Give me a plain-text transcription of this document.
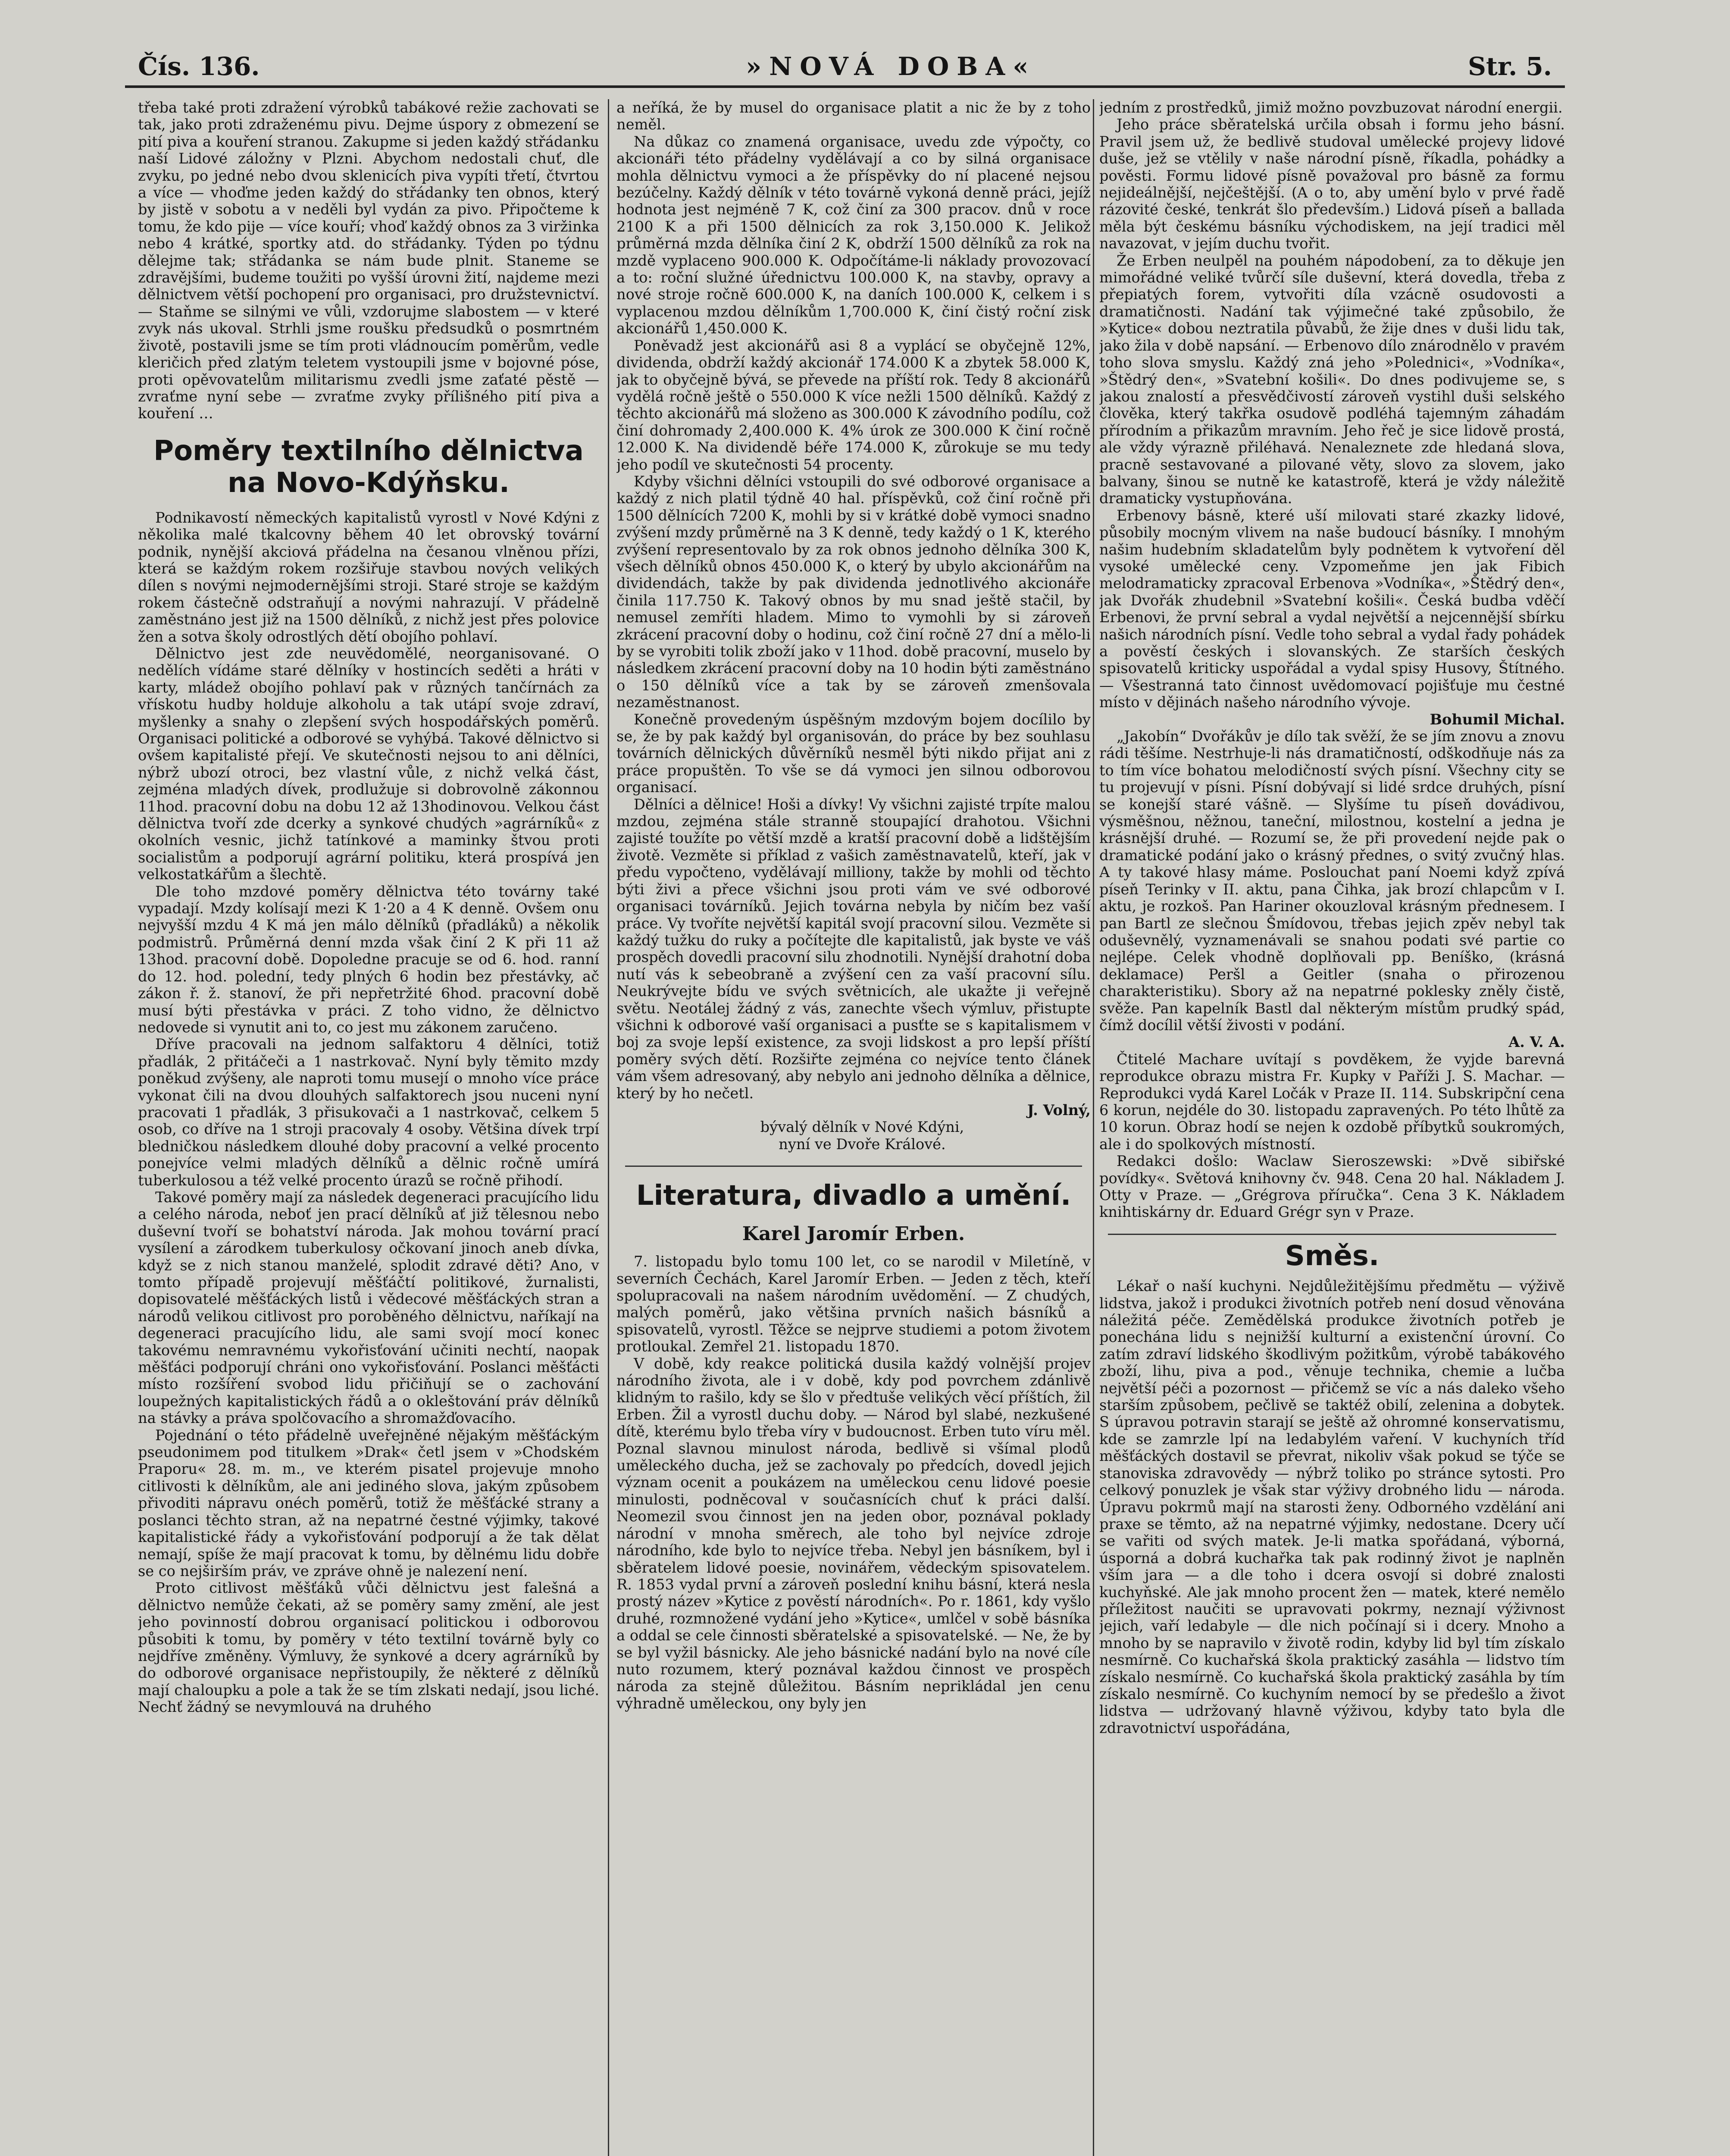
Čís. 136.	»NOVÁ DOBA«	Str. 5.

třeba také proti zdražení výrobků tabákové režie zachovati se tak, jako proti zdraženému pivu. Dejme úspory z obmezení se pití piva a kouření stranou. Zakupme si jeden každý střádanku naší Lidové záložny v Plzni. Abychom nedostali chuť, dle zvyku, po jedné nebo dvou sklenicích piva vypíti třetí, čtvrtou a více — vhoďme jeden každý do střádanky ten obnos, který by jistě v sobotu a v neděli byl vydán za pivo. Připočteme k tomu, že kdo pije — více kouří; vhoď každý obnos za 3 viržinka nebo 4 krátké, sportky atd. do střádanky. Týden po týdnu dělejme tak; střádanka se nám bude plnit. Staneme se zdravějšími, budeme toužiti po vyšší úrovni žití, najdeme mezi dělnictvem větší pochopení pro organisaci, pro družstevnictví. — Staňme se silnými ve vůli, vzdorujme slabostem — v které zvyk nás ukoval. Strhli jsme roušku předsudků o posmrtném životě, postavili jsme se tím proti vládnoucím poměrům, vedle kleričich před zlatým teletem vystoupili jsme v bojovné póse, proti opěvovatelům militarismu zvedli jsme zaťaté pěstě — zvraťme nyní sebe — zvraťme zvyky přílišného pití piva a kouření …

Poměry textilního dělnictva na Novo-Kdýňsku.

Podnikavostí německých kapitalistů vyrostl v Nové Kdýni z několika malé tkalcovny během 40 let obrovský tovární podnik, nynější akciová přádelna na česanou vlněnou přízi, která se každým rokem rozšiřuje stavbou nových velikých dílen s novými nejmodernějšími stroji. Staré stroje se každým rokem částečně odstraňují a novými nahrazují. V přádelně zaměstnáno jest již na 1500 dělníků, z nichž jest přes polovice žen a sotva školy odrostlých dětí obojího pohlaví.

Dělnictvo jest zde neuvědomělé, neorganisované. O nedělích vídáme staré dělníky v hostincích seděti a hráti v karty, mládež obojího pohlaví pak v různých tančírnách za vřískotu hudby holduje alkoholu a tak utápí svoje zdraví, myšlenky a snahy o zlepšení svých hospodářských poměrů. Organisaci politické a odborové se vyhýbá. Takové dělnictvo si ovšem kapitalisté přejí. Ve skutečnosti nejsou to ani dělníci, nýbrž ubozí otroci, bez vlastní vůle, z nichž velká část, zejména mladých dívek, prodlužuje si dobrovolně zákonnou 11hod. pracovní dobu na dobu 12 až 13hodinovou. Velkou část dělnictva tvoří zde dcerky a synkové chudých »agrárníků« z okolních vesnic, jichž tatínkové a maminky štvou proti socialistům a podporují agrární politiku, která prospívá jen velkostatkářům a šlechtě.

Dle toho mzdové poměry dělnictva této továrny také vypadají. Mzdy kolísají mezi K 1·20 a 4 K denně. Ovšem onu nejvyšší mzdu 4 K má jen málo dělníků (přadláků) a několik podmistrů. Průměrná denní mzda však činí 2 K při 11 až 13hod. pracovní době. Dopoledne pracuje se od 6. hod. ranní do 12. hod. polední, tedy plných 6 hodin bez přestávky, ač zákon ř. ž. stanoví, že při nepřetržité 6hod. pracovní době musí býti přestávka v práci. Z toho vidno, že dělnictvo nedovede si vynutit ani to, co jest mu zákonem zaručeno.

Dříve pracovali na jednom salfaktoru 4 dělníci, totiž přadlák, 2 přitáčeči a 1 nastrkovač. Nyní byly těmito mzdy poněkud zvýšeny, ale naproti tomu musejí o mnoho více práce vykonat čili na dvou dlouhých salfaktorech jsou nuceni nyní pracovati 1 přadlák, 3 přisukovači a 1 nastrkovač, celkem 5 osob, co dříve na 1 stroji pracovaly 4 osoby. Většina dívek trpí bledničkou následkem dlouhé doby pracovní a velké procento ponejvíce velmi mladých dělníků a dělnic ročně umírá tuberkulosou a též velké procento úrazů se ročně přihodí.

Takové poměry mají za následek degeneraci pracujícího lidu a celého národa, neboť jen prací dělníků ať již tělesnou nebo duševní tvoří se bohatství národa. Jak mohou tovární prací vysílení a zárodkem tuberkulosy očkovaní jinoch aneb dívka, když se z nich stanou manželé, splodit zdravé děti? Ano, v tomto případě projevují měšťáčtí politikové, žurnalisti, dopisovatelé měšťáckých listů i vědecové měšťáckých stran a národů velikou citlivost pro poroběného dělnictvu, naříkají na degeneraci pracujícího lidu, ale sami svojí mocí konec takovému nemravnému vykořisťování učiniti nechtí, naopak měšťáci podporují chráni ono vykořisťování. Poslanci měšťácti místo rozšíření svobod lidu přičiňují se o zachování loupežných kapitalistických řádů a o okleštování práv dělníků na stávky a práva spolčovacího a shromažďovacího.

Pojednání o této přádelně uveřejněné nějakým měšťáckým pseudonimem pod titulkem »Drak« četl jsem v »Chodském Praporu« 28. m. m., ve kterém pisatel projevuje mnoho citlivosti k dělníkům, ale ani jediného slova, jakým způsobem přivoditi nápravu onéch poměrů, totiž že měšťácké strany a poslanci těchto stran, až na nepatrné čestné výjimky, takové kapitalistické řády a vykořisťování podporují a že tak dělat nemají, spíše že mají pracovat k tomu, by dělnému lidu dobře se co nejširším práv, ve zpráve ohně je nalezení není.

Proto citlivost měšťáků vůči dělnictvu jest falešná a dělnictvo nemůže čekati, až se poměry samy změní, ale jest jeho povinností dobrou organisací politickou i odborovou působiti k tomu, by poměry v této textilní továrně byly co nejdříve změněny. Výmluvy, že synkové a dcery agrárníků by do odborové organisace nepřistoupily, že některé z dělníků mají chaloupku a pole a tak že se tím zlskati nedají, jsou liché. Nechť žádný se nevymlouvá na druhého

a neříká, že by musel do organisace platit a nic že by z toho neměl.

Na důkaz co znamená organisace, uvedu zde výpočty, co akcionáři této přádelny vydělávají a co by silná organisace mohla dělnictvu vymoci a že příspěvky do ní placené nejsou bezúčelny. Každý dělník v této továrně vykoná denně práci, jejíž hodnota jest nejméně 7 K, což činí za 300 pracov. dnů v roce 2100 K a při 1500 dělnicích za rok 3,150.000 K. Jelikož průměrná mzda dělníka činí 2 K, obdrží 1500 dělníků za rok na mzdě vyplaceno 900.000 K. Odpočítáme-li náklady provozovací a to: roční služné úřednictvu 100.000 K, na stavby, opravy a nové stroje ročně 600.000 K, na daních 100.000 K, celkem i s vyplacenou mzdou dělníkům 1,700.000 K, činí čistý roční zisk akcionářů 1,450.000 K.

Poněvadž jest akcionářů asi 8 a vyplácí se obyčejně 12%, dividenda, obdrží každý akcionář 174.000 K a zbytek 58.000 K, jak to obyčejně bývá, se převede na příští rok. Tedy 8 akcionářů vydělá ročně ještě o 550.000 K více nežli 1500 dělníků. Každý z těchto akcionářů má složeno as 300.000 K závodního podílu, což činí dohromady 2,400.000 K. 4% úrok ze 300.000 K činí ročně 12.000 K. Na dividendě béře 174.000 K, zůrokuje se mu tedy jeho podíl ve skutečnosti 54 procenty.

Kdyby všichni dělníci vstoupili do své odborové organisace a každý z nich platil týdně 40 hal. příspěvků, což činí ročně při 1500 dělnících 7200 K, mohli by si v krátké době vymoci snadno zvýšení mzdy průměrně na 3 K denně, tedy každý o 1 K, kterého zvýšení representovalo by za rok obnos jednoho dělníka 300 K, všech dělníků obnos 450.000 K, o který by ubylo akcionářům na dividendách, takže by pak dividenda jednotlivého akcionáře činila 117.750 K. Takový obnos by mu snad ještě stačil, by nemusel zemříti hladem. Mimo to vymohli by si zároveň zkrácení pracovní doby o hodinu, což činí ročně 27 dní a mělo-li by se vyrobiti tolik zboží jako v 11hod. době pracovní, muselo by následkem zkrácení pracovní doby na 10 hodin býti zaměstnáno o 150 dělníků více a tak by se zároveň zmenšovala nezaměstnanost.

Konečně provedeným úspěšným mzdovým bojem docílilo by se, že by pak každý byl organisován, do práce by bez souhlasu továrních dělnických důvěrníků nesměl býti nikdo přijat ani z práce propuštěn. To vše se dá vymoci jen silnou odborovou organisací.

Dělníci a dělnice! Hoši a dívky! Vy všichni zajisté trpíte malou mzdou, zejména stále stranně stoupající drahotou. Všichni zajisté toužíte po větší mzdě a kratší pracovní době a lidštějším životě. Vezměte si příklad z vašich zaměstnavatelů, kteří, jak v předu vypočteno, vydělávají milliony, takže by mohli od těchto býti živi a přece všichni jsou proti vám ve své odborové organisaci továrníků. Jejich továrna nebyla by ničím bez vaší práce. Vy tvoříte největší kapitál svojí pracovní silou. Vezměte si každý tužku do ruky a počítejte dle kapitalistů, jak byste ve váš prospěch dovedli pracovní silu zhodnotili. Nynější drahotní doba nutí vás k sebeobraně a zvýšení cen za vaší pracovní sílu. Neukrývejte bídu ve svých světnicích, ale ukažte ji veřejně světu. Neotálej žádný z vás, zanechte všech výmluv, přistupte všichni k odborové vaší organisaci a pusťte se s kapitalismem v boj za svoje lepší existence, za svoji lidskost a pro lepší příští poměry svých dětí. Rozšiřte zejména co nejvíce tento článek vám všem adresovaný, aby nebylo ani jednoho dělníka a dělnice, který by ho nečetl.

J. Volný,

bývalý dělník v Nové Kdýni,

nyní ve Dvoře Králové.

Literatura, divadlo a umění.
Karel Jaromír Erben.

7. listopadu bylo tomu 100 let, co se narodil v Miletíně, v severních Čechách, Karel Jaromír Erben. — Jeden z těch, kteří spolupracovali na našem národním uvědomění. — Z chudých, malých poměrů, jako většina prvních našich básníků a spisovatelů, vyrostl. Těžce se nejprve studiemi a potom životem protloukal. Zemřel 21. listopadu 1870.

V době, kdy reakce politická dusila každý volnější projev národního života, ale i v době, kdy pod povrchem zdánlivě klidným to rašilo, kdy se šlo v předtuše velikých věcí příštích, žil Erben. Žil a vyrostl duchu doby. — Národ byl slabé, nezkušené dítě, kterému bylo třeba víry v budoucnost. Erben tuto víru měl. Poznal slavnou minulost národa, bedlivě si všímal plodů uměleckého ducha, jež se zachovaly po předcích, dovedl jejich význam ocenit a poukázem na uměleckou cenu lidové poesie minulosti, podněcoval v současnících chuť k práci další. Neomezil svou činnost jen na jeden obor, poznával poklady národní v mnoha směrech, ale toho byl nejvíce zdroje národního, kde bylo to nejvíce třeba. Nebyl jen básníkem, byl i sběratelem lidové poesie, novinářem, vědeckým spisovatelem. R. 1853 vydal první a zároveň poslední knihu básní, která nesla prostý název »Kytice z pověstí národních«. Po r. 1861, kdy vyšlo druhé, rozmnožené vydání jeho »Kytice«, umlčel v sobě básníka a oddal se cele činnosti sběratelské a spisovatelské. — Ne, že by se byl vyžil básnicky. Ale jeho básnické nadání bylo na nové cíle nuto rozumem, který poznával každou činnost ve prospěch národa za stejně důležitou. Básním neprikládal jen cenu výhradně uměleckou, ony byly jen

jedním z prostředků, jimiž možno povzbuzovat národní energii.

Jeho práce sběratelská určila obsah i formu jeho básní. Pravil jsem už, že bedlivě studoval umělecké projevy lidové duše, jež se vtělily v naše národní písně, říkadla, pohádky a pověsti. Formu lidové písně považoval pro básně za formu nejideálnější, nejčeštější. (A o to, aby umění bylo v prvé řadě rázovité české, tenkrát šlo především.) Lidová píseň a ballada měla být českému básníku východiskem, na její tradici měl navazovat, v jejím duchu tvořit.

Že Erben neulpěl na pouhém nápodobení, za to děkuje jen mimořádné veliké tvůrčí síle duševní, která dovedla, třeba z přepiatých forem, vytvořiti díla vzácně osudovosti a dramatičnosti. Nadání tak výjimečné také způsobilo, že »Kytice« dobou neztratila půvabů, že žije dnes v duši lidu tak, jako žila v době napsání. — Erbenovo dílo znárodnělo v pravém toho slova smyslu. Každý zná jeho »Polednici«, »Vodníka«, »Štědrý den«, »Svatební košili«. Do dnes podivujeme se, s jakou znalostí a přesvědčivostí zároveň vystihl duši selského člověka, který takřka osudově podléhá tajemným záhadám přírodním a přikazům mravním. Jeho řeč je sice lidově prostá, ale vždy výrazně přiléhavá. Nenaleznete zde hledaná slova, pracně sestavované a pilované věty, slovo za slovem, jako balvany, šinou se nutně ke katastrofě, která je vždy náležitě dramaticky vystupňována.

Erbenovy básně, které uší milovati staré zkazky lidové, působily mocným vlivem na naše budoucí básníky. I mnohým našim hudebním skladatelům byly podnětem k vytvoření děl vysoké umělecké ceny. Vzpomeňme jen jak Fibich melodramaticky zpracoval Erbenova »Vodníka«, »Štědrý den«, jak Dvořák zhudebnil »Svatební košili«. Česká budba vděčí Erbenovi, že první sebral a vydal největší a nejcennější sbírku našich národních písní. Vedle toho sebral a vydal řady pohádek a pověstí českých i slovanských. Ze starších českých spisovatelů kriticky uspořádal a vydal spisy Husovy, Štítného. — Všestranná tato činnost uvědomovací pojišťuje mu čestné místo v dějinách našeho národního vývoje.

Bohumil Michal.

„Jakobín“ Dvořákův je dílo tak svěží, že se jím znovu a znovu rádi těšíme. Nestrhuje-li nás dramatičností, odškodňuje nás za to tím více bohatou melodičností svých písní. Všechny city se tu projevují v písni. Písní dobývají si lidé srdce druhých, písní se konejší staré vášně. — Slyšíme tu píseň dovádivou, výsměšnou, něžnou, taneční, milostnou, kostelní a jedna je krásnější druhé. — Rozumí se, že při provedení nejde pak o dramatické podání jako o krásný přednes, o svitý zvučný hlas. A ty takové hlasy máme. Poslouchat paní Noemi když zpívá píseň Terinky v II. aktu, pana Čihka, jak brozí chlapcům v I. aktu, je rozkoš. Pan Hariner okouzloval krásným přednesem. I pan Bartl ze slečnou Šmídovou, třebas jejich zpěv nebyl tak oduševnělý, vyznamenávali se snahou podati své partie co nejlépe. Celek vhodně doplňovali pp. Beníško, (krásná deklamace) Peršl a Geitler (snaha o přirozenou charakteristiku). Sbory až na nepatrné poklesky zněly čistě, svěže. Pan kapelník Bastl dal některým místům prudký spád, čímž docílil větší živosti v podání.

A. V. A.

Čtitelé Machare uvítají s povděkem, že vyjde barevná reprodukce obrazu mistra Fr. Kupky v Paříži J. S. Machar. — Reprodukci vydá Karel Ločák v Praze II. 114. Subskripční cena 6 korun, nejdéle do 30. listopadu zapravených. Po této lhůtě za 10 korun. Obraz hodí se nejen k ozdobě příbytků soukromých, ale i do spolkových místností.

Redakci došlo: Waclaw Sieroszewski: »Dvě sibiřské povídky«. Světová knihovny čv. 948. Cena 20 hal. Nákladem J. Otty v Praze. — „Grégrova příručka“. Cena 3 K. Nákladem knihtiskárny dr. Eduard Grégr syn v Praze.

Směs.

Lékař o naší kuchyni. Nejdůležitějšímu předmětu — výživě lidstva, jakož i produkci životních potřeb není dosud věnována náležitá péče. Zemědělská produkce životních potřeb je ponechána lidu s nejnižší kulturní a existenční úrovní. Co zatím zdraví lidského škodlivým požitkům, výrobě tabákového zboží, lihu, piva a pod., věnuje technika, chemie a lučba největší péči a pozornost — přičemž se víc a nás daleko všeho starším způsobem, pečlivě se taktéž obilí, zelenina a dobytek. S úpravou potravin starají se ještě až ohromné konservatismu, kde se zamrzle lpí na ledabylém vaření. V kuchyních tříd měšťáckých dostavil se převrat, nikoliv však pokud se týče se stanoviska zdravovědy — nýbrž toliko po stránce sytosti. Pro celkový ponuzlek je však star výživy drobného lidu — národa. Úpravu pokrmů mají na starosti ženy. Odborného vzdělání ani praxe se těmto, až na nepatrné výjimky, nedostane. Dcery učí se vařiti od svých matek. Je-li matka spořádaná, výborná, úsporná a dobrá kuchařka tak pak rodinný život je naplněn vším jara — a dle toho i dcera osvojí si dobré znalosti kuchyňské. Ale jak mnoho procent žen — matek, které nemělo příležitost naučiti se upravovati pokrmy, neznají výživnost jejich, vaří ledabyle — dle nich počínají si i dcery. Mnoho a mnoho by se napravilo v životě rodin, kdyby lid byl tím získalo nesmírně. Co kuchařská škola praktický zasáhla — lidstvo tím získalo nesmírně. Co kuchařská škola praktický zasáhla by tím získalo nesmírně. Co kuchyním nemocí by se předešlo a život lidstva — udržovaný hlavně výživou, kdyby tato byla dle zdravotnictví uspořádána,
